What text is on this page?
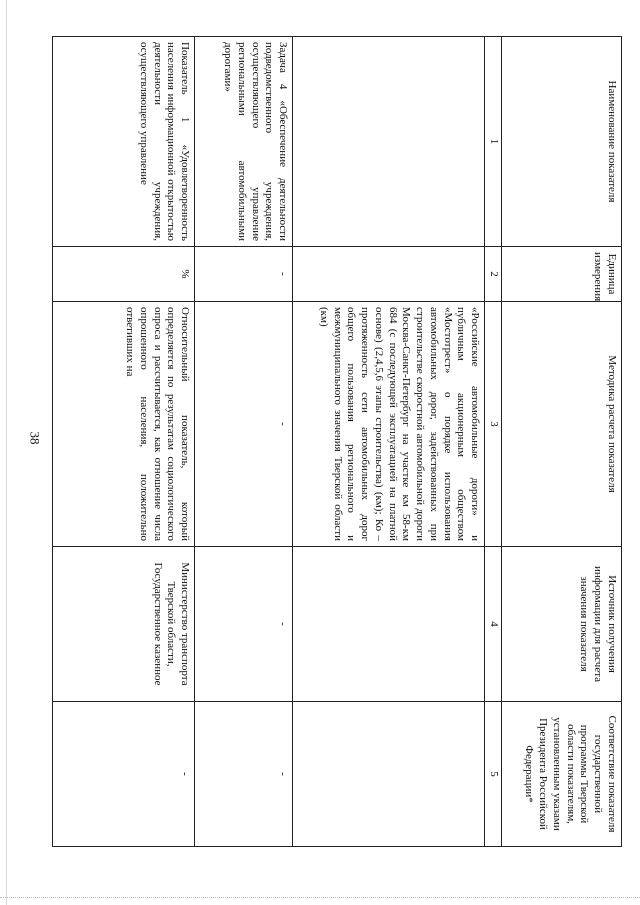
38
Наименование показателя	Единица измерения	Методика расчета показателя	Источник получения информации для расчета значения показателя	Соответствие показателя государственной программы Тверской области показателям, установленным указами Президента Российской Федерации*
1	2	3	4	5
		«Российские автомобильные дороги» и публичным акционерным обществом «Мостотрест» о порядке использования автомобильных дорог, задействованных при строительстве скоростной автомобильной дороги Москва-Санкт-Петербург на участке км 58-км 684 (с последующей эксплуатацией на платной основе) (2,4,5,6 этапы строительства) (км); Ко – протяженность сети автомобильных дорог общего пользования регионального и межмуниципального значения Тверской области (км)		
Задача 4 «Обеспечение деятельности подведомственного учреждения, осуществляющего управление региональными автомобильными дорогами»	-	-	-	-
Показатель 1 «Удовлетворенность населения информационной открытостью деятельности учреждения, осуществляющего управление	%	Относительный показатель, который определяется по результатам социологического опроса и рассчитывается, как отношение числа опрошенного населения, положительно ответивших на	Министерство транспорта Тверской области, Государственное казенное	-
